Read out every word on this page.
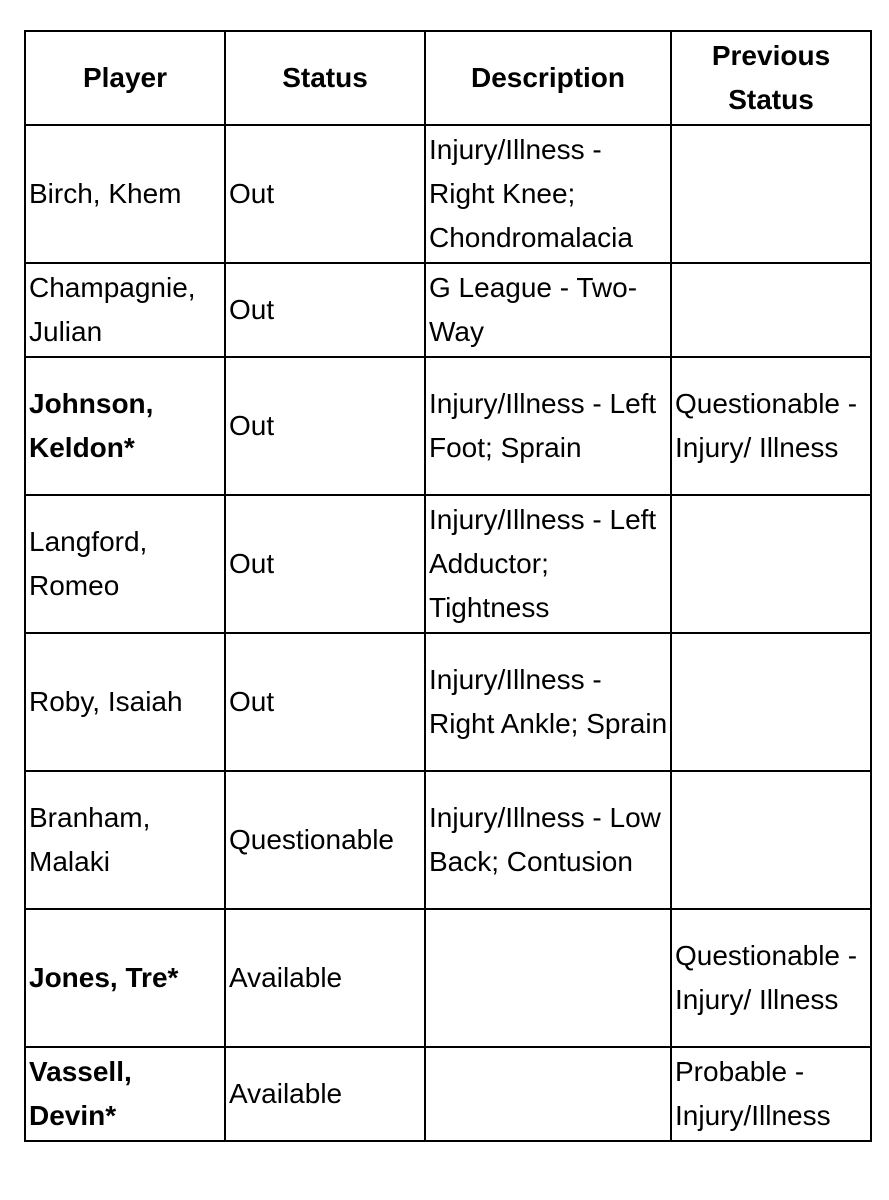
Player	Status	Description	Previous
Status
Birch, Khem	Out	Injury/Illness - Right Knee; Chondromalacia	
Champagnie, Julian	Out	G League - Two-Way	
Johnson, Keldon*	Out	Injury/Illness - Left Foot; Sprain	Questionable - Injury/ Illness
Langford, Romeo	Out	Injury/Illness - Left Adductor; Tightness	
Roby, Isaiah	Out	Injury/Illness - Right Ankle; Sprain	
Branham, Malaki	Questionable	Injury/Illness - Low Back; Contusion	
Jones, Tre*	Available		Questionable - Injury/ Illness
Vassell, Devin*	Available		Probable - Injury/Illness
